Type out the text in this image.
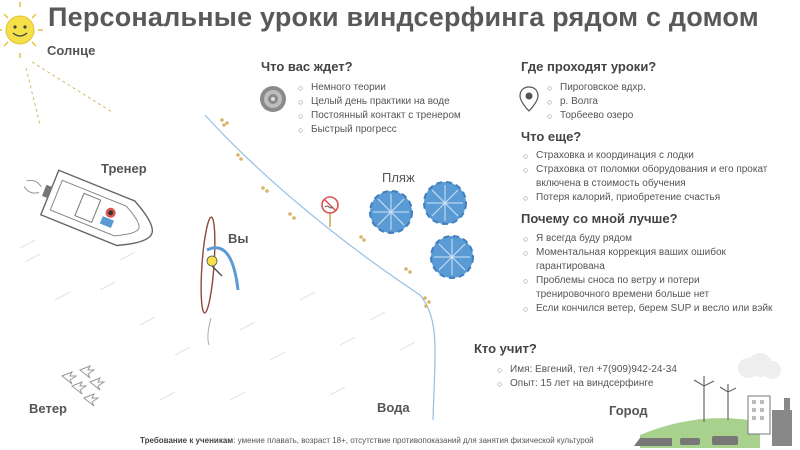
Персональные уроки виндсерфинга рядом с домом
Солнце
Тренер
Вы
Пляж
Ветер	Вода	Город
Что вас ждет?
○ Немного теории
○ Целый день практики на воде
○ Постоянный контакт с тренером
○ Быстрый прогресс
Где проходят уроки?
○ Пироговское вдхр.
○ р. Волга
○ Торбеево озеро
Что еще?
○ Страховка и координация с лодки
○ Страховка от поломки оборудования и его прокат включена в стоимость обучения
○ Потеря калорий, приобретение счастья
Почему со мной лучше?
○ Я всегда буду рядом
○ Моментальная коррекция ваших ошибок гарантирована
○ Проблемы сноса по ветру и потери тренировочного времени больше нет
○ Если кончился ветер, берем SUP и весло или вэйк
Кто учит?
○ Имя: Евгений, тел +7(909)942-24-34
○ Опыт: 15 лет на виндсерфинге
Требование к ученикам: умение плавать, возраст 18+, отсутствие противопоказаний для занятия физической культурой
